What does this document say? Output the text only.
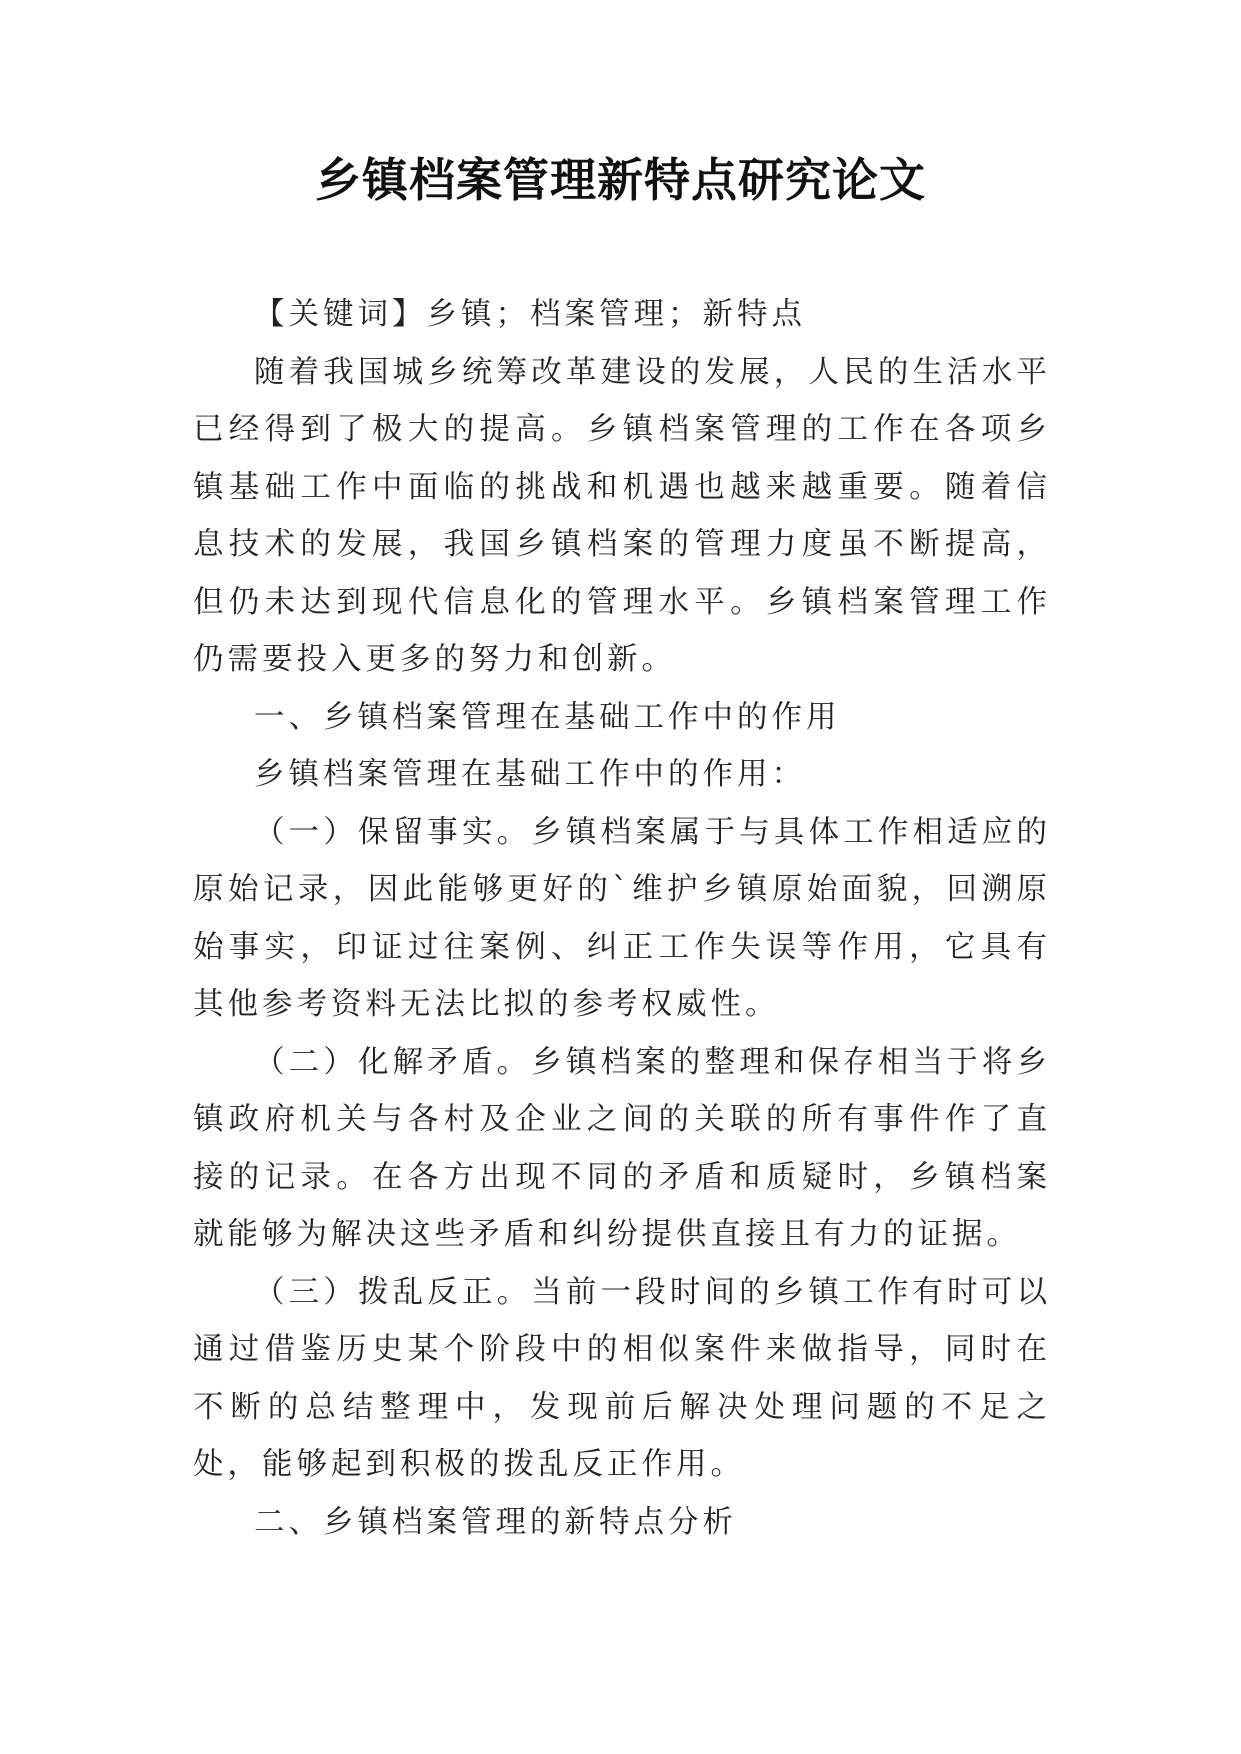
乡镇档案管理新特点研究论文

【关键词】乡镇；档案管理；新特点

随着我国城乡统筹改革建设的发展，人民的生活水平已经得到了极大的提高。乡镇档案管理的工作在各项乡镇基础工作中面临的挑战和机遇也越来越重要。随着信息技术的发展，我国乡镇档案的管理力度虽不断提高，但仍未达到现代信息化的管理水平。乡镇档案管理工作仍需要投入更多的努力和创新。

一、乡镇档案管理在基础工作中的作用

乡镇档案管理在基础工作中的作用：

（一）保留事实。乡镇档案属于与具体工作相适应的原始记录，因此能够更好的`维护乡镇原始面貌，回溯原始事实，印证过往案例、纠正工作失误等作用，它具有其他参考资料无法比拟的参考权威性。

（二）化解矛盾。乡镇档案的整理和保存相当于将乡镇政府机关与各村及企业之间的关联的所有事件作了直接的记录。在各方出现不同的矛盾和质疑时，乡镇档案就能够为解决这些矛盾和纠纷提供直接且有力的证据。

（三）拨乱反正。当前一段时间的乡镇工作有时可以通过借鉴历史某个阶段中的相似案件来做指导，同时在不断的总结整理中，发现前后解决处理问题的不足之处，能够起到积极的拨乱反正作用。

二、乡镇档案管理的新特点分析
